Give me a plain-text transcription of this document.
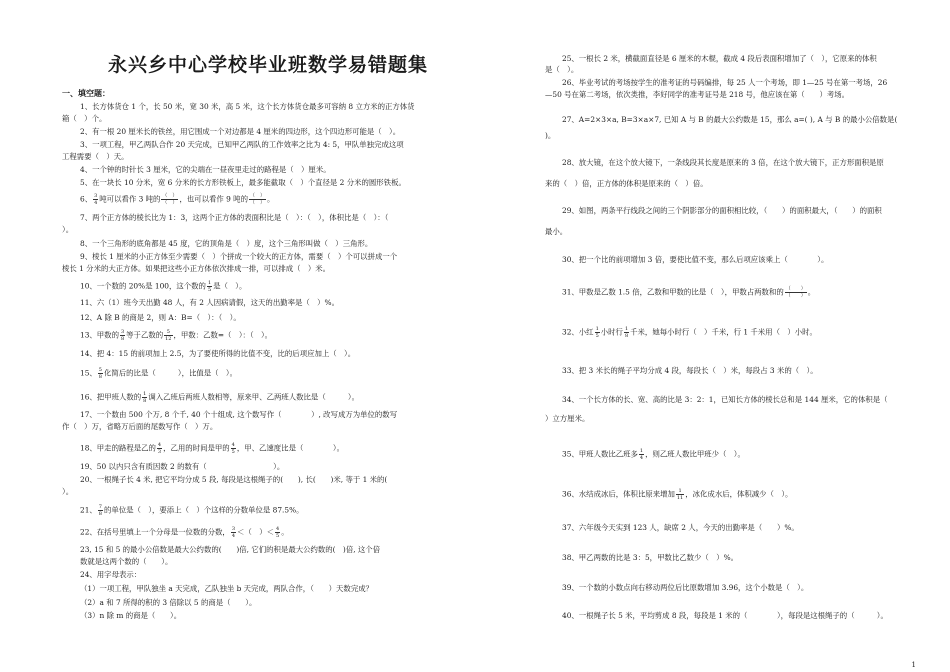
永兴乡中心学校毕业班数学易错题集
一、填空题：
1
1、长方体货仓 1 个，长 50 米，宽 30 米，高 5 米，这个长方体货仓最多可容纳 8 立方米的正方体货
箱（　）个。
2、有一根 20 厘米长的铁丝，用它围成一个对边都是 4 厘米的四边形，这个四边形可能是（　）。
3、一项工程，甲乙两队合作 20 天完成，已知甲乙两队的工作效率之比为 4: 5，甲队单独完成这项
工程需要（　）天。
4、一个钟的时针长 3 厘米，它的尖端在一昼夜里走过的路程是（　）厘米。
5、在一块长 10 分米，宽 6 分米的长方形铁板上，最多能截取（　）个直径是 2 分米的圆形铁板。
6、 $\frac{3}{4}$ 吨可以看作 3 吨的 $\frac{( )}{( )}$ ，也可以看作 9 吨的 $\frac{( )}{( )}$ 。
7、两个正方体的棱长比为 1：3，这两个正方体的表面积比是（　）：（　），体积比是（　）：（
）。
8、一个三角形的底角都是 45 度，它的顶角是（　）度，这个三角形叫做（　）三角形。
9、棱长 1 厘米的小正方体至少需要（　）个拼成一个较大的正方体，需要（　）个可以拼成一个
棱长 1 分米的大正方体。如果把这些小正方体依次排成一排，可以排成（　）米。
10、一个数的 20%是 100，这个数的 $\frac{1}{5}$ 是（　）。
11、六（1）班今天出勤 48 人，有 2 人因病请假，这天的出勤率是（　）%。
12、A 除 B 的商是 2，则 A：B=（　）：（　）。
13、甲数的 $\frac{3}{8}$ 等于乙数的 $\frac{5}{12}$ ，甲数：乙数=（　）：（　）。
14、把 4：15 的前项加上 2.5，为了要使所得的比值不变，比的后项应加上（　）。
15、 $\frac{5}{8}$ 化简后的比是（　　　），比值是（　）。
16、把甲班人数的 $\frac{1}{8}$ 调入乙班后两班人数相等，原来甲、乙两班人数比是（　　　）。
17、一个数由 500 个万, 8 个千, 40 个十组成, 这个数写作（　　　　）, 改写成万为单位的数写
作（　）万，省略万后面的尾数写作（　）万。
18、甲走的路程是乙的 $\frac{4}{3}$ ，乙用的时间是甲的 $\frac{4}{5}$ ，甲、乙速度比是（　　　　）。
19、50 以内只含有质因数 2 的数有（　　　　　　　　　）。
20、一根绳子长 4 米, 把它平均分成 5 段, 每段是这根绳子的(　　), 长(　　)米, 等于 1 米的(
）。
21、 $\frac{7}{8}$ 的单位是（　），要添上（　）个这样的分数单位是 87.5%。
22、在括号里填上一个分母是一位数的分数， $\frac{3}{4}$ ＜（　）＜ $\frac{4}{5}$ 。
23, 15 和 5 的最小公倍数是最大公约数的(　　)倍, 它们的积是最大公约数的(　)倍, 这个倍
数就是这两个数的（　　）。
24、用字母表示：
（1）一项工程，甲队独坐 a 天完成，乙队独坐 b 天完成，两队合作，（　　）天数完成？
（2）a 和 7 所得的积的 3 倍除以 5 的商是（　　）。
（3）n 除 m 的商是（　　）。
25、一根长 2 米，横截面直径是 6 厘米的木棍，截成 4 段后表面积增加了（　），它原来的体积
是（　）。
26、毕业考试的考场按学生的准考证的号码编排，每 25 人一个考场，即 1—25 号在第一考场，26
—50 号在第二考场，依次类推，李好同学的准考证号是 218 号，他应该在第（　　）考场。
27、A=2×3×a, B=3×a×7, 已知 A 与 B 的最大公约数是 15，那么 a=( ), A 与 B 的最小公倍数是(
)。
28、放大镜，在这个放大镜下，一条线段其长度是原来的 3 倍，在这个放大镜下，正方形面积是原
来的（　）倍，正方体的体积是原来的（　）倍。
29、如图，两条平行线段之间的三个阴影部分的面积相比较，（　　）的面积最大，（　　）的面积
最小。
30、把一个比的前项增加 3 倍，要使比值不变，那么后项应该乘上（　　　　）。
31、甲数是乙数 1.5 倍，乙数和甲数的比是（　），甲数占两数和的 $\frac{( )}{( )}$ 。
32、小红 $\frac{1}{5}$ 小时行 $\frac{1}{8}$ 千米，她每小时行（　）千米，行 1 千米用（　）小时。
33、把 3 米长的绳子平均分成 4 段，每段长（　）米，每段占 3 米的（　）。
34、一个长方体的长、宽、高的比是 3：2：1，已知长方体的棱长总和是 144 厘米，它的体积是（
）立方厘米。
35、甲班人数比乙班多 $\frac{1}{4}$ ，则乙班人数比甲班少（　）。
36、水结成冰后，体积比原来增加 $\frac{1}{11}$ ，冰化成水后，体积减少（　）。
37、六年级今天实到 123 人，缺席 2 人，今天的出勤率是（　　）%。
38、甲乙两数的比是 3：5，甲数比乙数少（　）%。
39、一个数的小数点向右移动两位后比原数增加 3.96，这个小数是（　）。
40、一根绳子长 5 米，平均剪成 8 段，每段是 1 米的（　　　　），每段是这根绳子的（　　　）。
